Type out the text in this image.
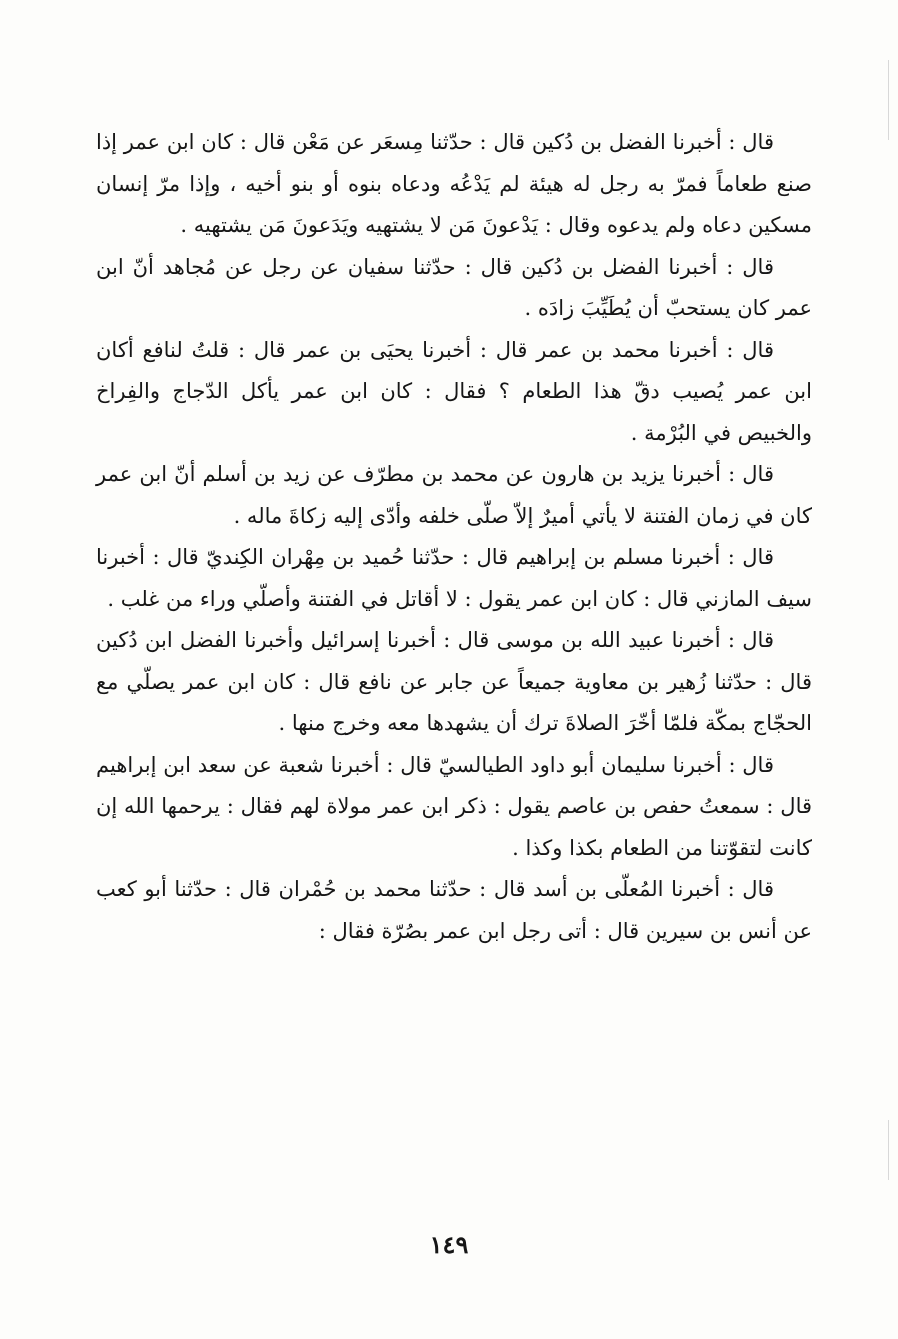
قال : أخبرنا الفضل بن دُكين قال : حدّثنا مِسعَر عن مَعْن قال : كان ابن عمر إذا صنع طعاماً فمرّ به رجل له هيئة لم يَدْعُه ودعاه بنوه أو بنو أخيه ، وإذا مرّ إنسان مسكين دعاه ولم يدعوه وقال : يَدْعونَ مَن لا يشتهيه ويَدَعونَ مَن يشتهيه .

قال : أخبرنا الفضل بن دُكين قال : حدّثنا سفيان عن رجل عن مُجاهد أنّ ابن عمر كان يستحبّ أن يُطَيِّبَ زادَه .

قال : أخبرنا محمد بن عمر قال : أخبرنا يحيَى بن عمر قال : قلتُ لنافع أكان ابن عمر يُصيب دقّ هذا الطعام ؟ فقال : كان ابن عمر يأكل الدّجاج والفِراخ والخبيص في البُرْمة .

قال : أخبرنا يزيد بن هارون عن محمد بن مطرّف عن زيد بن أسلم أنّ ابن عمر كان في زمان الفتنة لا يأتي أميرٌ إلاّ صلّى خلفه وأدّى إليه زكاةَ ماله .

قال : أخبرنا مسلم بن إبراهيم قال : حدّثنا حُميد بن مِهْران الكِنديّ قال : أخبرنا سيف المازني قال : كان ابن عمر يقول : لا أقاتل في الفتنة وأصلّي وراء من غلب .

قال : أخبرنا عبيد الله بن موسى قال : أخبرنا إسرائيل وأخبرنا الفضل ابن دُكين قال : حدّثنا زُهير بن معاوية جميعاً عن جابر عن نافع قال : كان ابن عمر يصلّي مع الحجّاج بمكّة فلمّا أخّرَ الصلاةَ ترك أن يشهدها معه وخرج منها .

قال : أخبرنا سليمان أبو داود الطيالسيّ قال : أخبرنا شعبة عن سعد ابن إبراهيم قال : سمعتُ حفص بن عاصم يقول : ذكر ابن عمر مولاة لهم فقال : يرحمها الله إن كانت لتقوّتنا من الطعام بكذا وكذا .

قال : أخبرنا المُعلّى بن أسد قال : حدّثنا محمد بن حُمْران قال : حدّثنا أبو كعب عن أنس بن سيرين قال : أتى رجل ابن عمر بصُرّة فقال :

١٤٩
